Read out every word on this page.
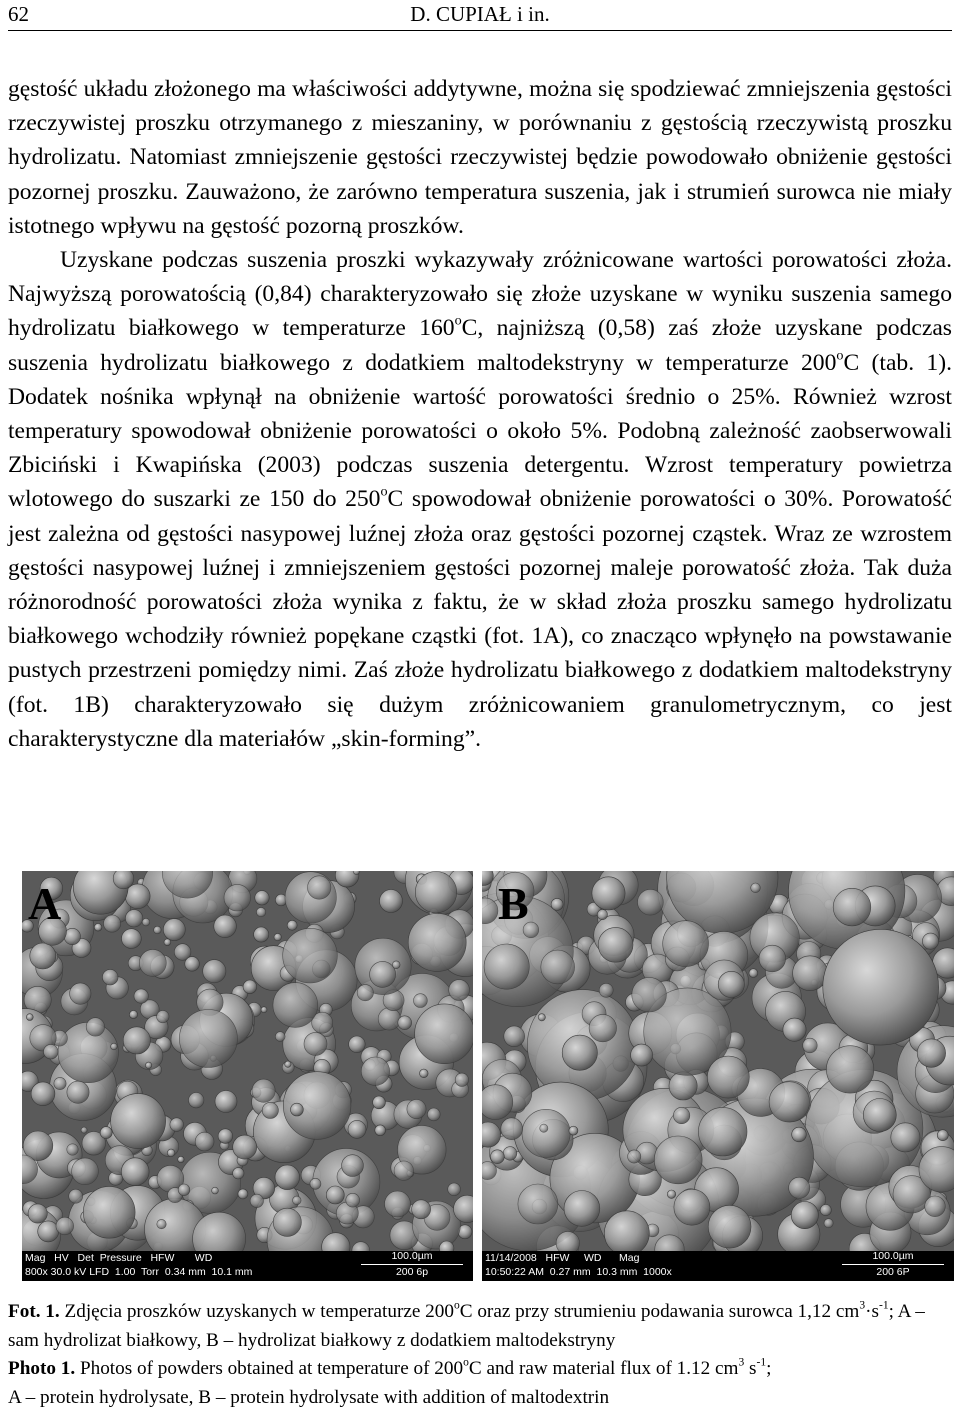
62	D. CUPIAŁ i in.

gęstość układu złożonego ma właściwości addytywne, można się spodziewać zmniejszenia gęstości rzeczywistej proszku otrzymanego z mieszaniny, w porównaniu z gęstością rzeczywistą proszku hydrolizatu. Natomiast zmniejszenie gęstości rzeczywistej będzie powodowało obniżenie gęstości pozornej proszku. Zauważono, że zarówno temperatura suszenia, jak i strumień surowca nie miały istotnego wpływu na gęstość pozorną proszków.

Uzyskane podczas suszenia proszki wykazywały zróżnicowane wartości porowatości złoża. Najwyższą porowatością (0,84) charakteryzowało się złoże uzyskane w wyniku suszenia samego hydrolizatu białkowego w temperaturze 160$^o$C, najniższą (0,58) zaś złoże uzyskane podczas suszenia hydrolizatu białkowego z dodatkiem maltodekstryny w temperaturze 200$^o$C (tab. 1). Dodatek nośnika wpłynął na obniżenie wartość porowatości średnio o 25%. Również wzrost temperatury spowodował obniżenie porowatości o około 5%. Podobną zależność zaobserwowali Zbiciński i Kwapińska (2003) podczas suszenia detergentu. Wzrost temperatury powietrza wlotowego do suszarki ze 150 do 250$^o$C spowodował obniżenie porowatości o 30%. Porowatość jest zależna od gęstości nasypowej luźnej złoża oraz gęstości pozornej cząstek. Wraz ze wzrostem gęstości nasypowej luźnej i zmniejszeniem gęstości pozornej maleje porowatość złoża. Tak duża różnorodność porowatości złoża wynika z faktu, że w skład złoża proszku samego hydrolizatu białkowego wchodziły również popękane cząstki (fot. 1A), co znacząco wpłynęło na powstawanie pustych przestrzeni pomiędzy nimi. Zaś złoże hydrolizatu białkowego z dodatkiem maltodekstryny (fot. 1B) charakteryzowało się dużym zróżnicowaniem granulometrycznym, co jest charakterystyczne dla materiałów „skin-forming”.

A
Mag   HV   Det  Pressure   HFW       WD
800x 30.0 kV LFD  1.00  Torr  0.34 mm  10.1 mm
100.0µm
200 6p
B
11/14/2008   HFW     WD      Mag
10:50:22 AM  0.27 mm  10.3 mm  1000x
100.0µm
200 6P

Fot. 1. Zdjęcia proszków uzyskanych w temperaturze 200$^o$C oraz przy strumieniu podawania surowca 1,12 $cm^3\cdot s^{-1}$; A – sam hydrolizat białkowy, B – hydrolizat białkowy z dodatkiem maltodekstryny

Photo 1. Photos of powders obtained at temperature of 200$^o$C and raw material flux of 1.12 $cm^3$ $s^{-1}$;
A – protein hydrolysate, B – protein hydrolysate with addition of maltodextrin
